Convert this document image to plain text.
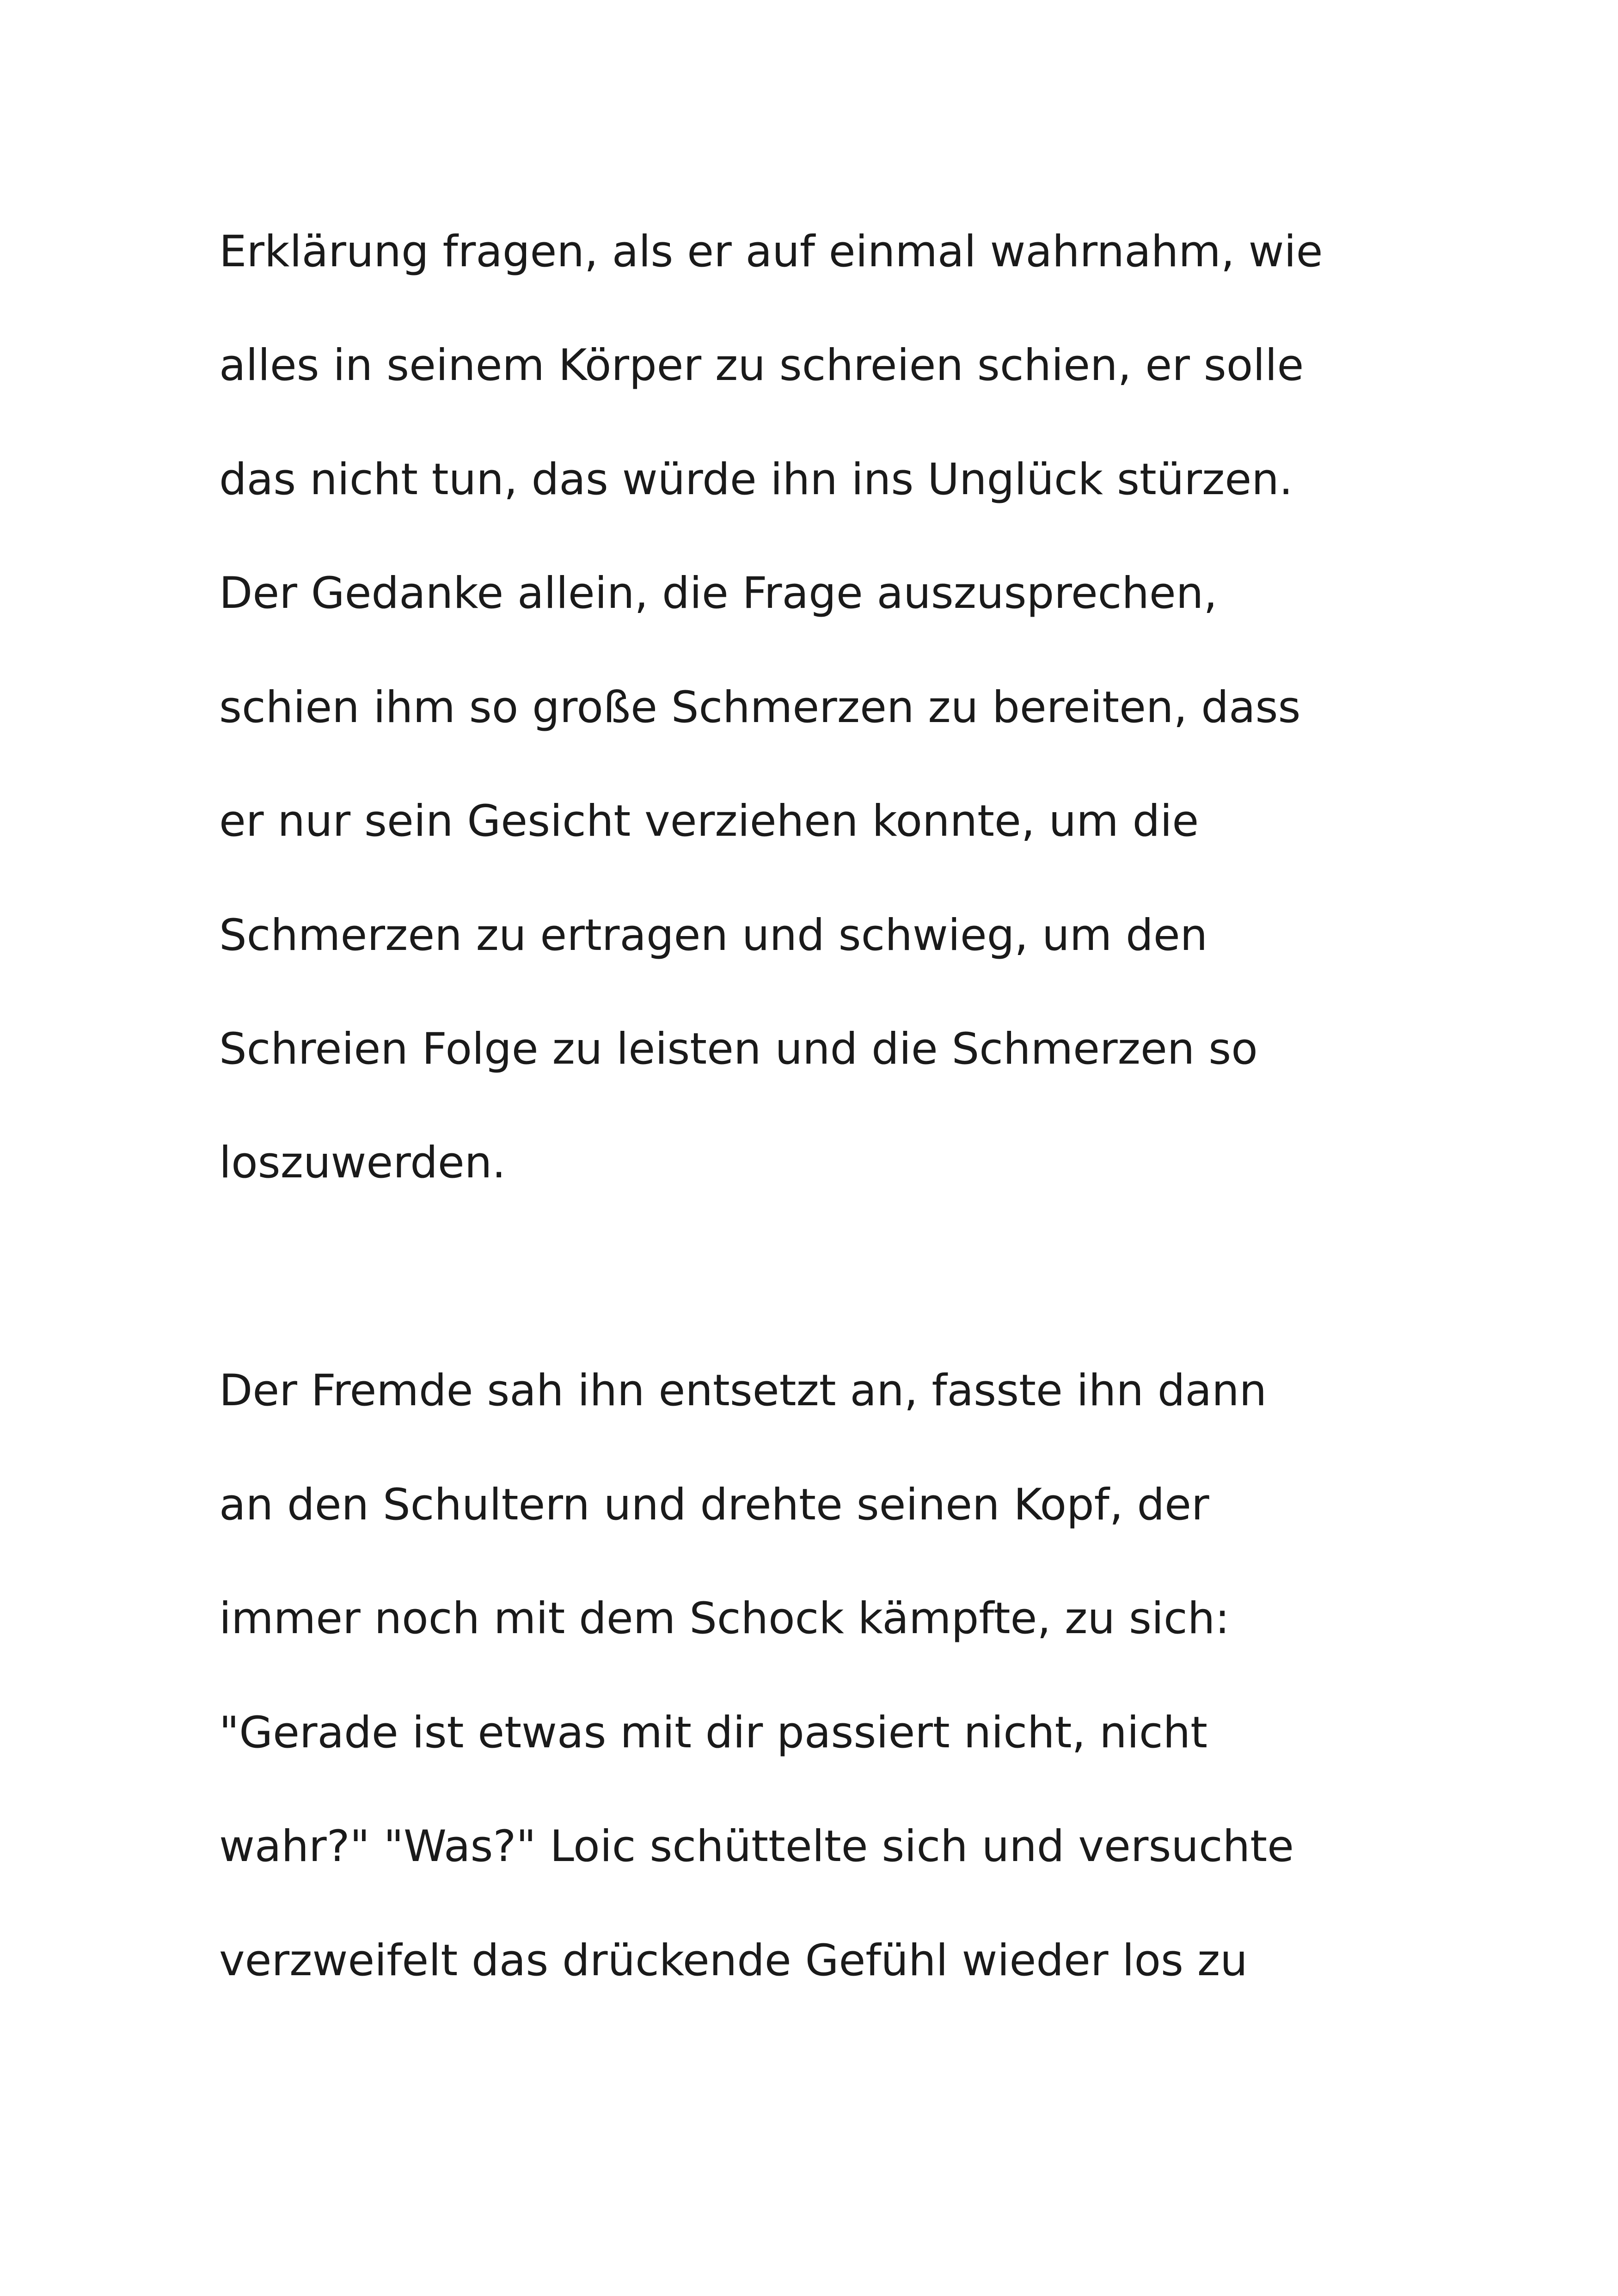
Erklärung fragen, als er auf einmal wahrnahm, wie

alles in seinem Körper zu schreien schien, er solle

das nicht tun, das würde ihn ins Unglück stürzen.

Der Gedanke allein, die Frage auszusprechen,

schien ihm so große Schmerzen zu bereiten, dass

er nur sein Gesicht verziehen konnte, um die

Schmerzen zu ertragen und schwieg, um den

Schreien Folge zu leisten und die Schmerzen so

loszuwerden.

Der Fremde sah ihn entsetzt an, fasste ihn dann

an den Schultern und drehte seinen Kopf, der

immer noch mit dem Schock kämpfte, zu sich:

"Gerade ist etwas mit dir passiert nicht, nicht

wahr?" "Was?" Loic schüttelte sich und versuchte

verzweifelt das drückende Gefühl wieder los zu
